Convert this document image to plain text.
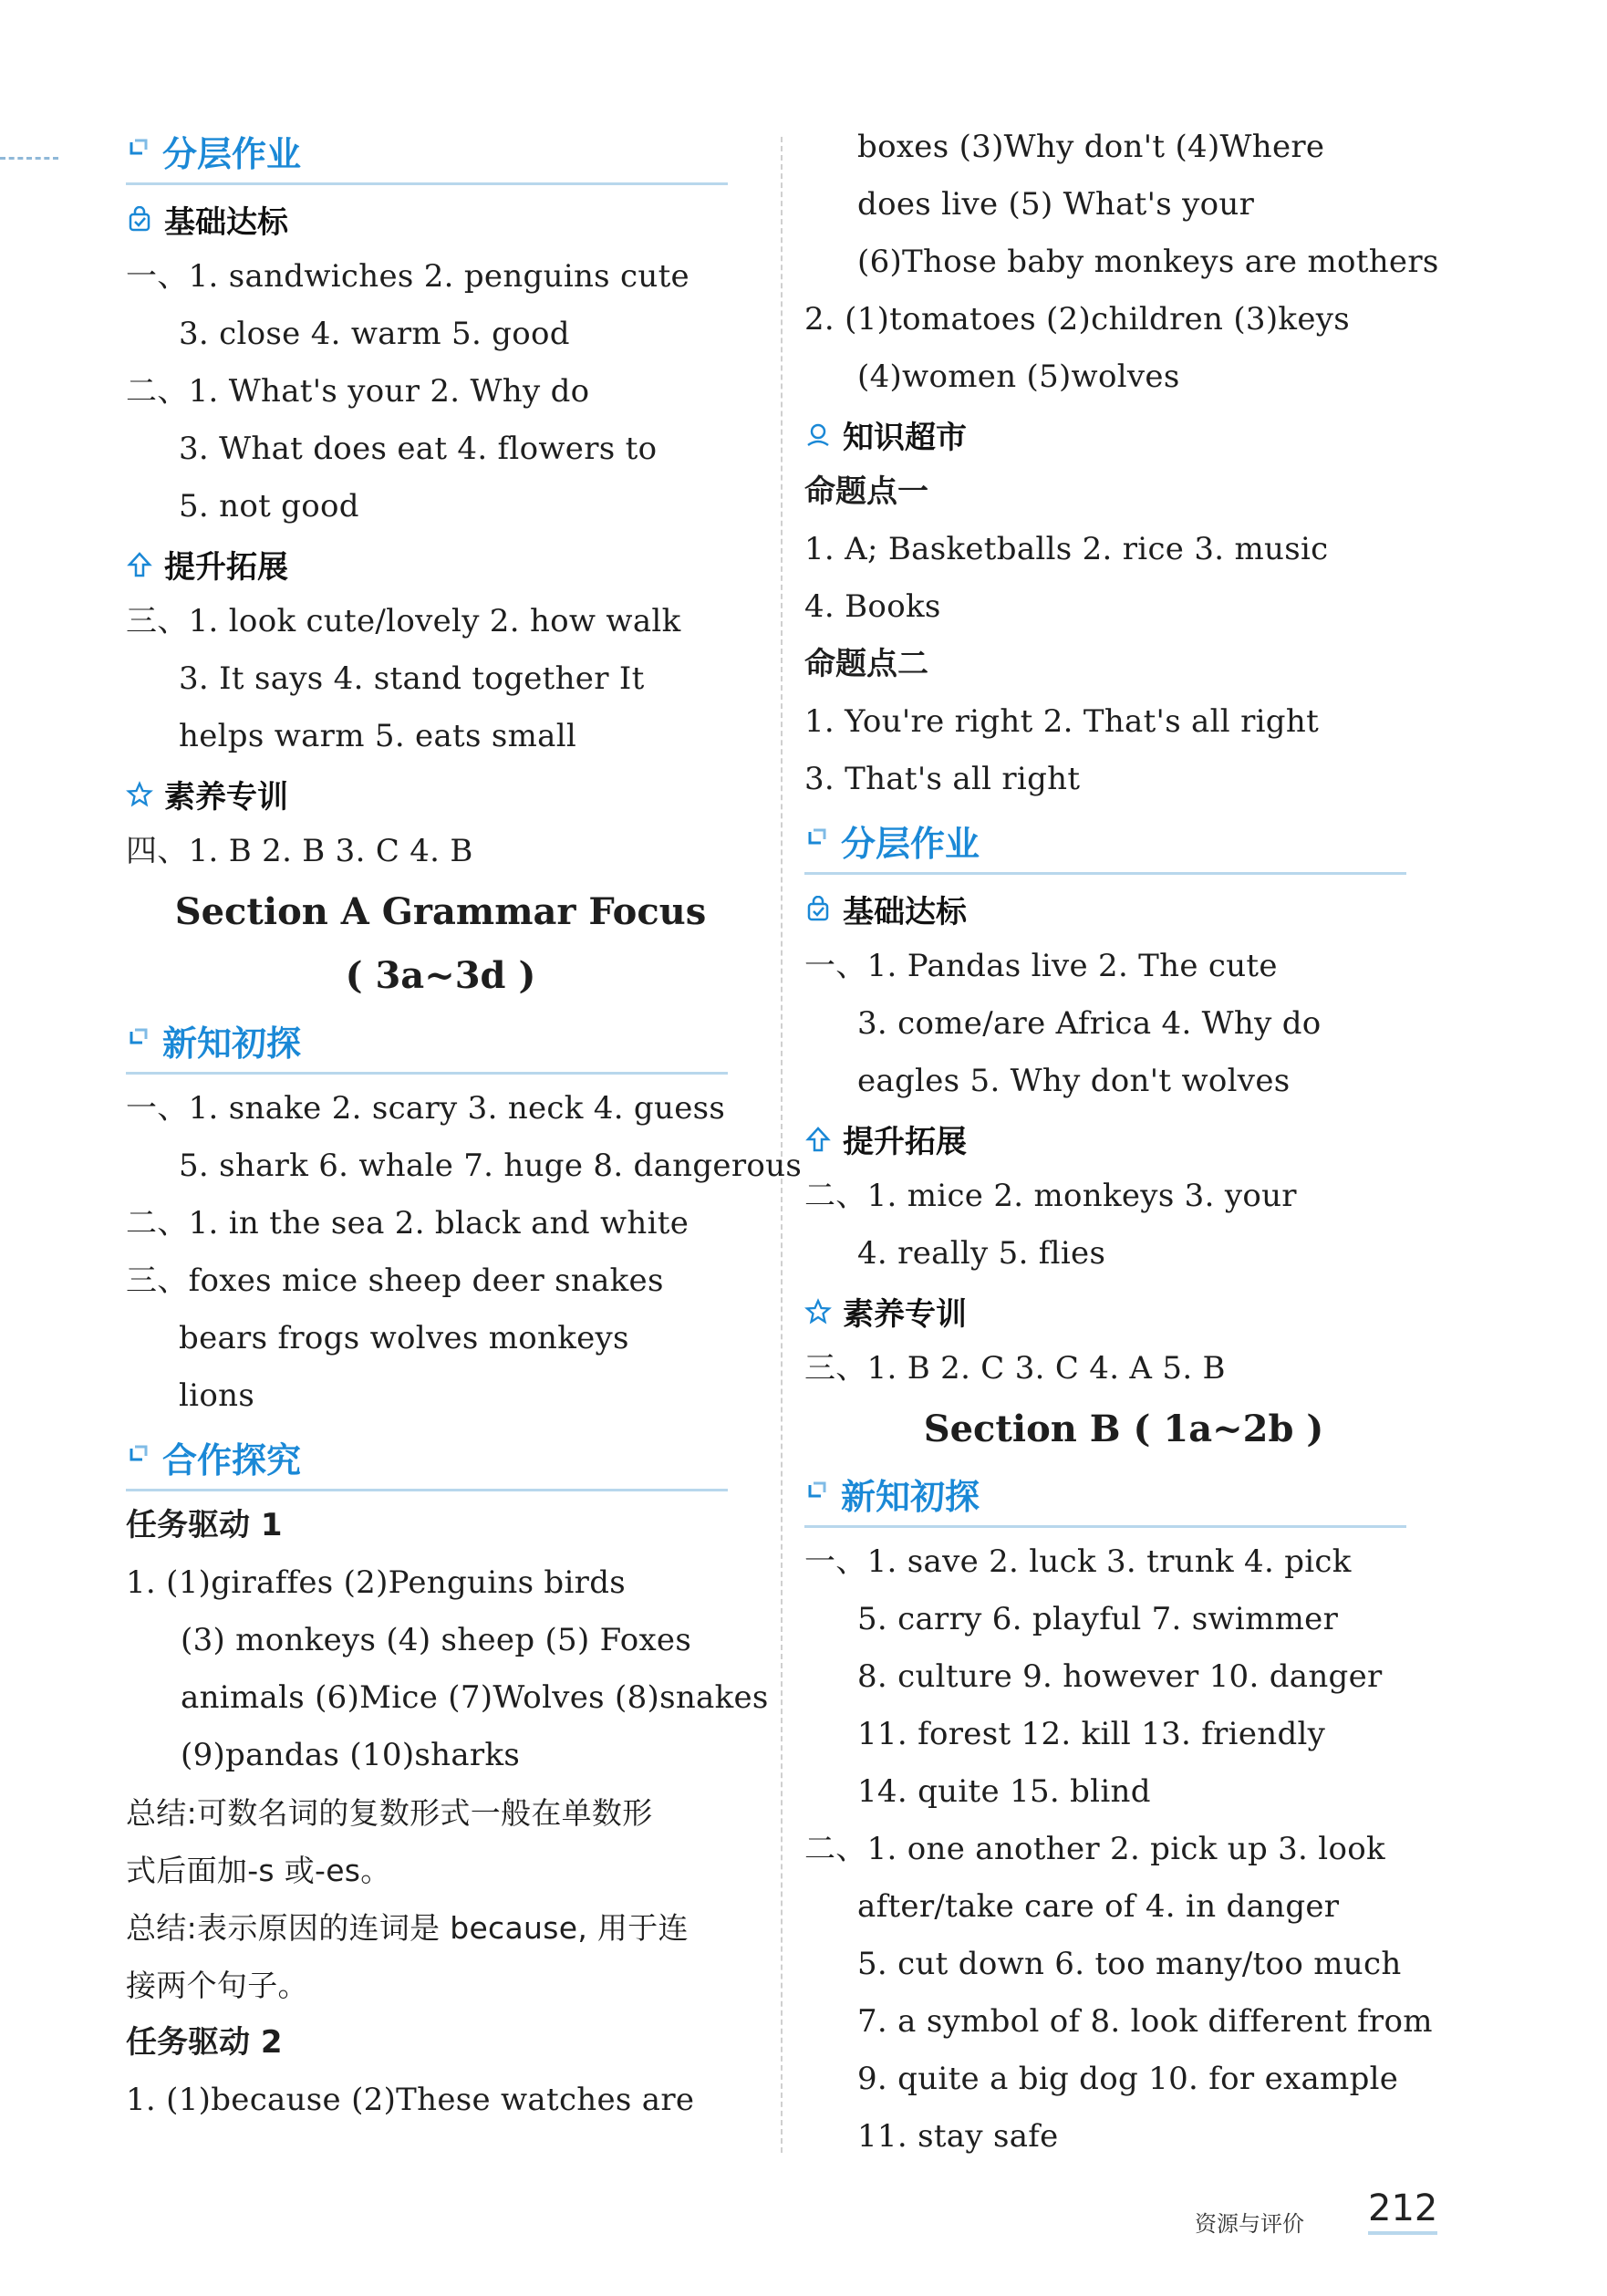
分层作业
基础达标
一、1. sandwiches 2. penguins cute
3. close 4. warm 5. good
二、1. What's your 2. Why do
3. What does eat 4. flowers to
5. not good
提升拓展
三、1. look cute/lovely 2. how walk
3. It says 4. stand together It
helps warm 5. eats small
素养专训
四、1. B 2. B 3. C 4. B
Section A Grammar Focus
( 3a~3d )
新知初探
一、1. snake 2. scary 3. neck 4. guess
5. shark 6. whale 7. huge 8. dangerous
二、1. in the sea 2. black and white
三、foxes mice sheep deer snakes
bears frogs wolves monkeys
lions
合作探究
任务驱动 1
1. (1)giraffes (2)Penguins birds
(3) monkeys (4) sheep (5) Foxes
animals (6)Mice (7)Wolves (8)snakes
(9)pandas (10)sharks
总结:可数名词的复数形式一般在单数形
式后面加-s 或-es。
总结:表示原因的连词是 because, 用于连
接两个句子。
任务驱动 2
1. (1)because (2)These watches are
boxes (3)Why don't (4)Where
does live (5) What's your
(6)Those baby monkeys are mothers
2. (1)tomatoes (2)children (3)keys
(4)women (5)wolves
知识超市
命题点一
1. A; Basketballs 2. rice 3. music
4. Books
命题点二
1. You're right 2. That's all right
3. That's all right
分层作业
基础达标
一、1. Pandas live 2. The cute
3. come/are Africa 4. Why do
eagles 5. Why don't wolves
提升拓展
二、1. mice 2. monkeys 3. your
4. really 5. flies
素养专训
三、1. B 2. C 3. C 4. A 5. B
Section B ( 1a~2b )
新知初探
一、1. save 2. luck 3. trunk 4. pick
5. carry 6. playful 7. swimmer
8. culture 9. however 10. danger
11. forest 12. kill 13. friendly
14. quite 15. blind
二、1. one another 2. pick up 3. look
after/take care of 4. in danger
5. cut down 6. too many/too much
7. a symbol of 8. look different from
9. quite a big dog 10. for example
11. stay safe
资源与评价 212
